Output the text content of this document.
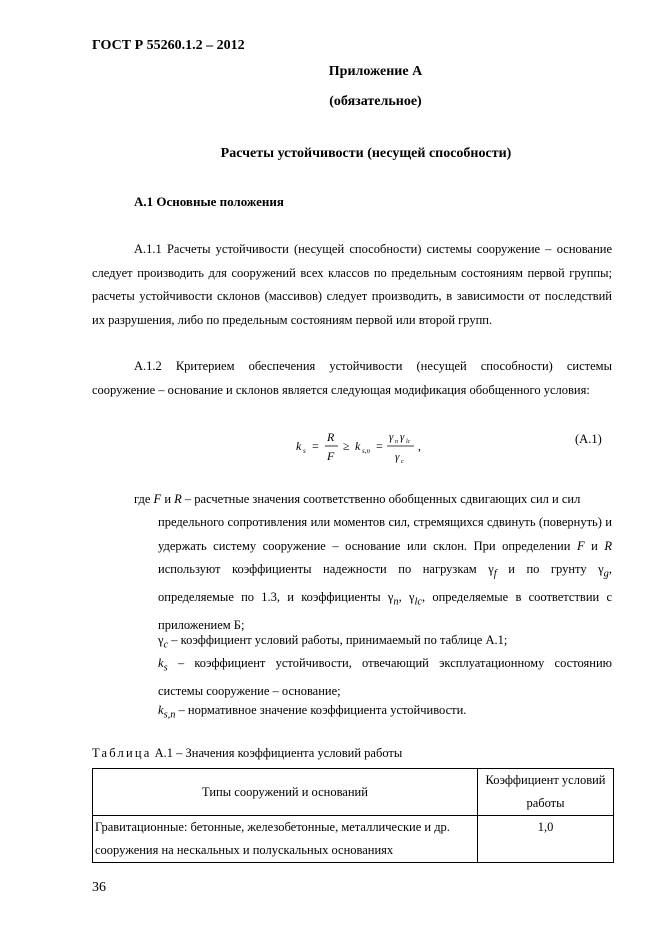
ГОСТ Р 55260.1.2 – 2012
Приложение А
(обязательное)
Расчеты устойчивости (несущей способности)
А.1 Основные положения
А.1.1 Расчеты устойчивости (несущей способности) системы сооружение – основание следует производить для сооружений всех классов по предельным состояниям первой группы; расчеты устойчивости склонов (массивов) следует производить, в зависимости от последствий их разрушения, либо по предельным состояниям первой или второй групп.
А.1.2 Критерием обеспечения устойчивости (несущей способности) системы сооружение – основание и склонов является следующая модификация обобщенного условия:
k s =
R
F
≥ k s,n =
γ n γ lc
γ c
,	(А.1)
где F и R – расчетные значения соответственно обобщенных сдвигающих сил и сил
предельного сопротивления или моментов сил, стремящихся сдвинуть (повернуть) и удержать систему сооружение – основание или склон. При определении F и R используют коэффициенты надежности по нагрузкам $\gamma_f$ и по грунту $\gamma_g$, определяемые по 1.3, и коэффициенты $\gamma_n$, $\gamma_{lc}$, определяемые в соответствии с приложением Б;
$\gamma_c$ – коэффициент условий работы, принимаемый по таблице А.1;
$k_s$ – коэффициент устойчивости, отвечающий эксплуатационному состоянию системы сооружение – основание;
$k_{s,n}$ – нормативное значение коэффициента устойчивости.
Таблица А.1 – Значения коэффициента условий работы
Типы сооружений и оснований	Коэффициент условий работы
Гравитационные: бетонные, железобетонные, металлические и др. сооружения на нескальных и полускальных основаниях	1,0
36
